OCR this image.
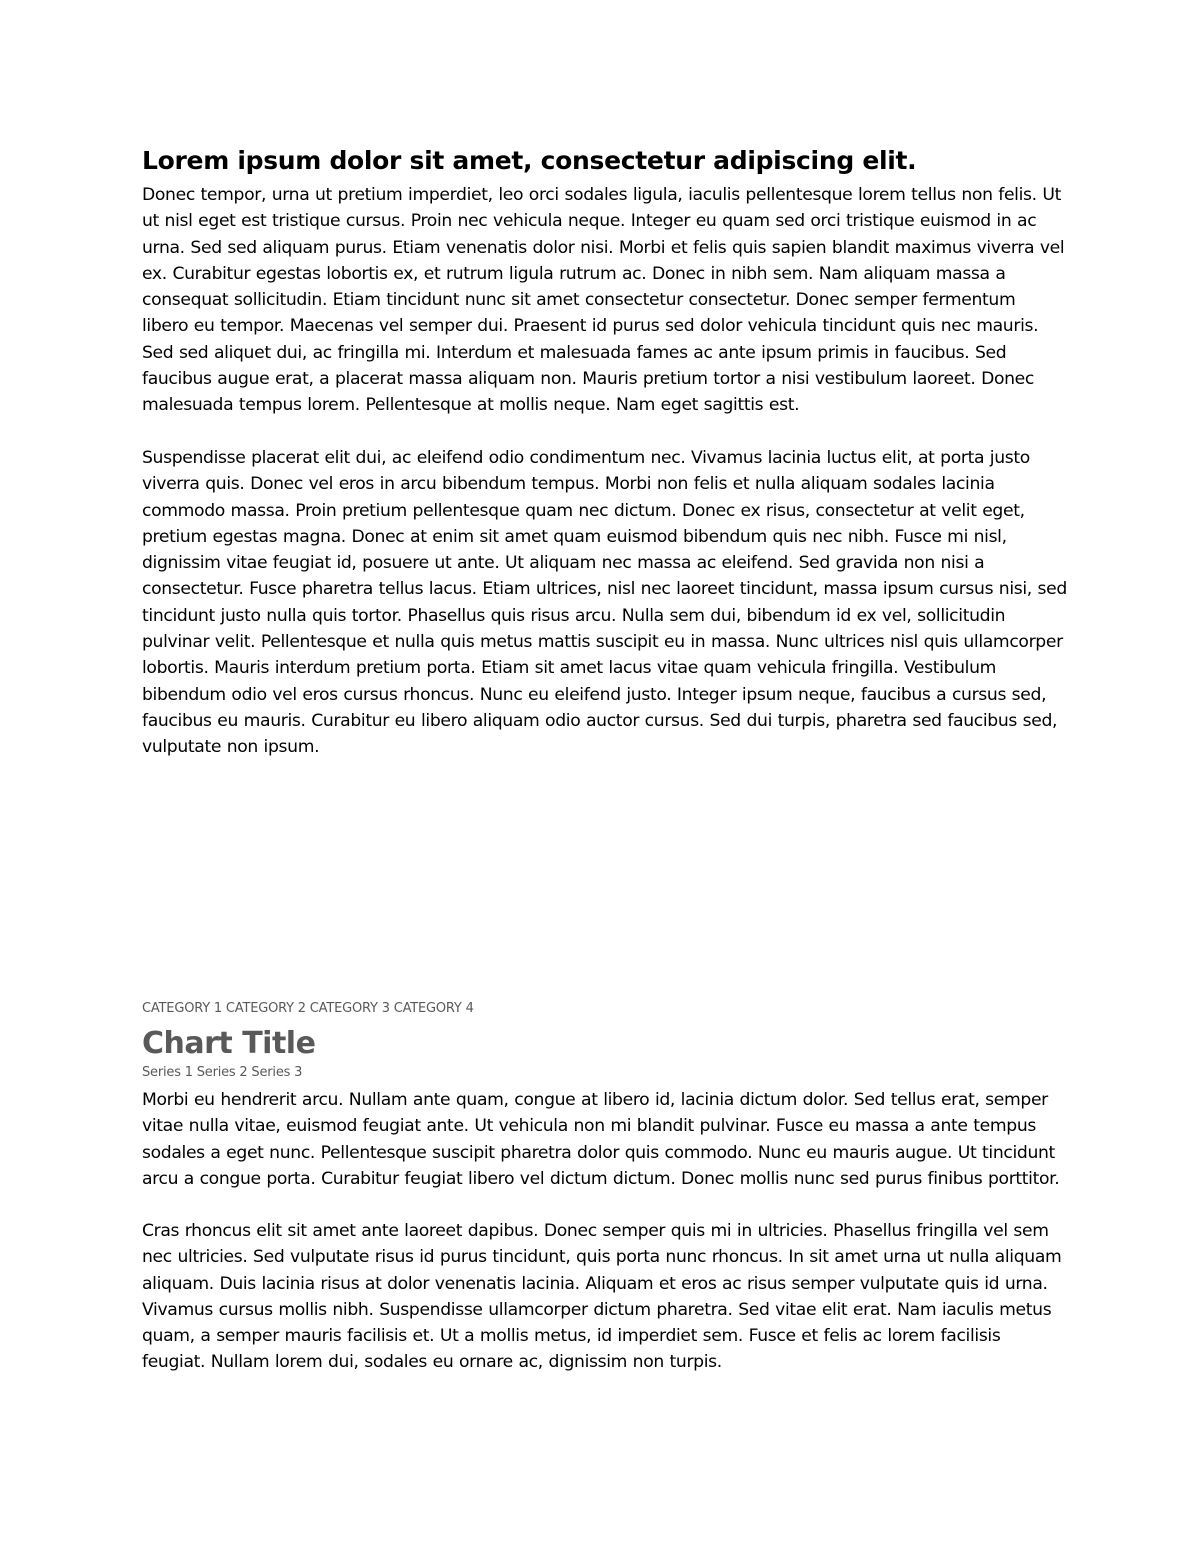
Lorem ipsum dolor sit amet, consectetur adipiscing elit.

Donec tempor, urna ut pretium imperdiet, leo orci sodales ligula, iaculis pellentesque lorem tellus non felis. Ut ut nisl eget est tristique cursus. Proin nec vehicula neque. Integer eu quam sed orci tristique euismod in ac urna. Sed sed aliquam purus. Etiam venenatis dolor nisi. Morbi et felis quis sapien blandit maximus viverra vel ex. Curabitur egestas lobortis ex, et rutrum ligula rutrum ac. Donec in nibh sem. Nam aliquam massa a consequat sollicitudin. Etiam tincidunt nunc sit amet consectetur consectetur. Donec semper fermentum libero eu tempor. Maecenas vel semper dui. Praesent id purus sed dolor vehicula tincidunt quis nec mauris. Sed sed aliquet dui, ac fringilla mi. Interdum et malesuada fames ac ante ipsum primis in faucibus. Sed faucibus augue erat, a placerat massa aliquam non. Mauris pretium tortor a nisi vestibulum laoreet. Donec malesuada tempus lorem. Pellentesque at mollis neque. Nam eget sagittis est.

Suspendisse placerat elit dui, ac eleifend odio condimentum nec. Vivamus lacinia luctus elit, at porta justo viverra quis. Donec vel eros in arcu bibendum tempus. Morbi non felis et nulla aliquam sodales lacinia commodo massa. Proin pretium pellentesque quam nec dictum. Donec ex risus, consectetur at velit eget, pretium egestas magna. Donec at enim sit amet quam euismod bibendum quis nec nibh. Fusce mi nisl, dignissim vitae feugiat id, posuere ut ante. Ut aliquam nec massa ac eleifend. Sed gravida non nisi a consectetur. Fusce pharetra tellus lacus. Etiam ultrices, nisl nec laoreet tincidunt, massa ipsum cursus nisi, sed tincidunt justo nulla quis tortor. Phasellus quis risus arcu. Nulla sem dui, bibendum id ex vel, sollicitudin pulvinar velit. Pellentesque et nulla quis metus mattis suscipit eu in massa. Nunc ultrices nisl quis ullamcorper lobortis. Mauris interdum pretium porta. Etiam sit amet lacus vitae quam vehicula fringilla. Vestibulum bibendum odio vel eros cursus rhoncus. Nunc eu eleifend justo. Integer ipsum neque, faucibus a cursus sed, faucibus eu mauris. Curabitur eu libero aliquam odio auctor cursus. Sed dui turpis, pharetra sed faucibus sed, vulputate non ipsum.

CATEGORY 1 CATEGORY 2 CATEGORY 3 CATEGORY 4
Chart Title
Series 1 Series 2 Series 3

Morbi eu hendrerit arcu. Nullam ante quam, congue at libero id, lacinia dictum dolor. Sed tellus erat, semper vitae nulla vitae, euismod feugiat ante. Ut vehicula non mi blandit pulvinar. Fusce eu massa a ante tempus sodales a eget nunc. Pellentesque suscipit pharetra dolor quis commodo. Nunc eu mauris augue. Ut tincidunt arcu a congue porta. Curabitur feugiat libero vel dictum dictum. Donec mollis nunc sed purus finibus porttitor.

Cras rhoncus elit sit amet ante laoreet dapibus. Donec semper quis mi in ultricies. Phasellus fringilla vel sem nec ultricies. Sed vulputate risus id purus tincidunt, quis porta nunc rhoncus. In sit amet urna ut nulla aliquam aliquam. Duis lacinia risus at dolor venenatis lacinia. Aliquam et eros ac risus semper vulputate quis id urna. Vivamus cursus mollis nibh. Suspendisse ullamcorper dictum pharetra. Sed vitae elit erat. Nam iaculis metus quam, a semper mauris facilisis et. Ut a mollis metus, id imperdiet sem. Fusce et felis ac lorem facilisis feugiat. Nullam lorem dui, sodales eu ornare ac, dignissim non turpis.
